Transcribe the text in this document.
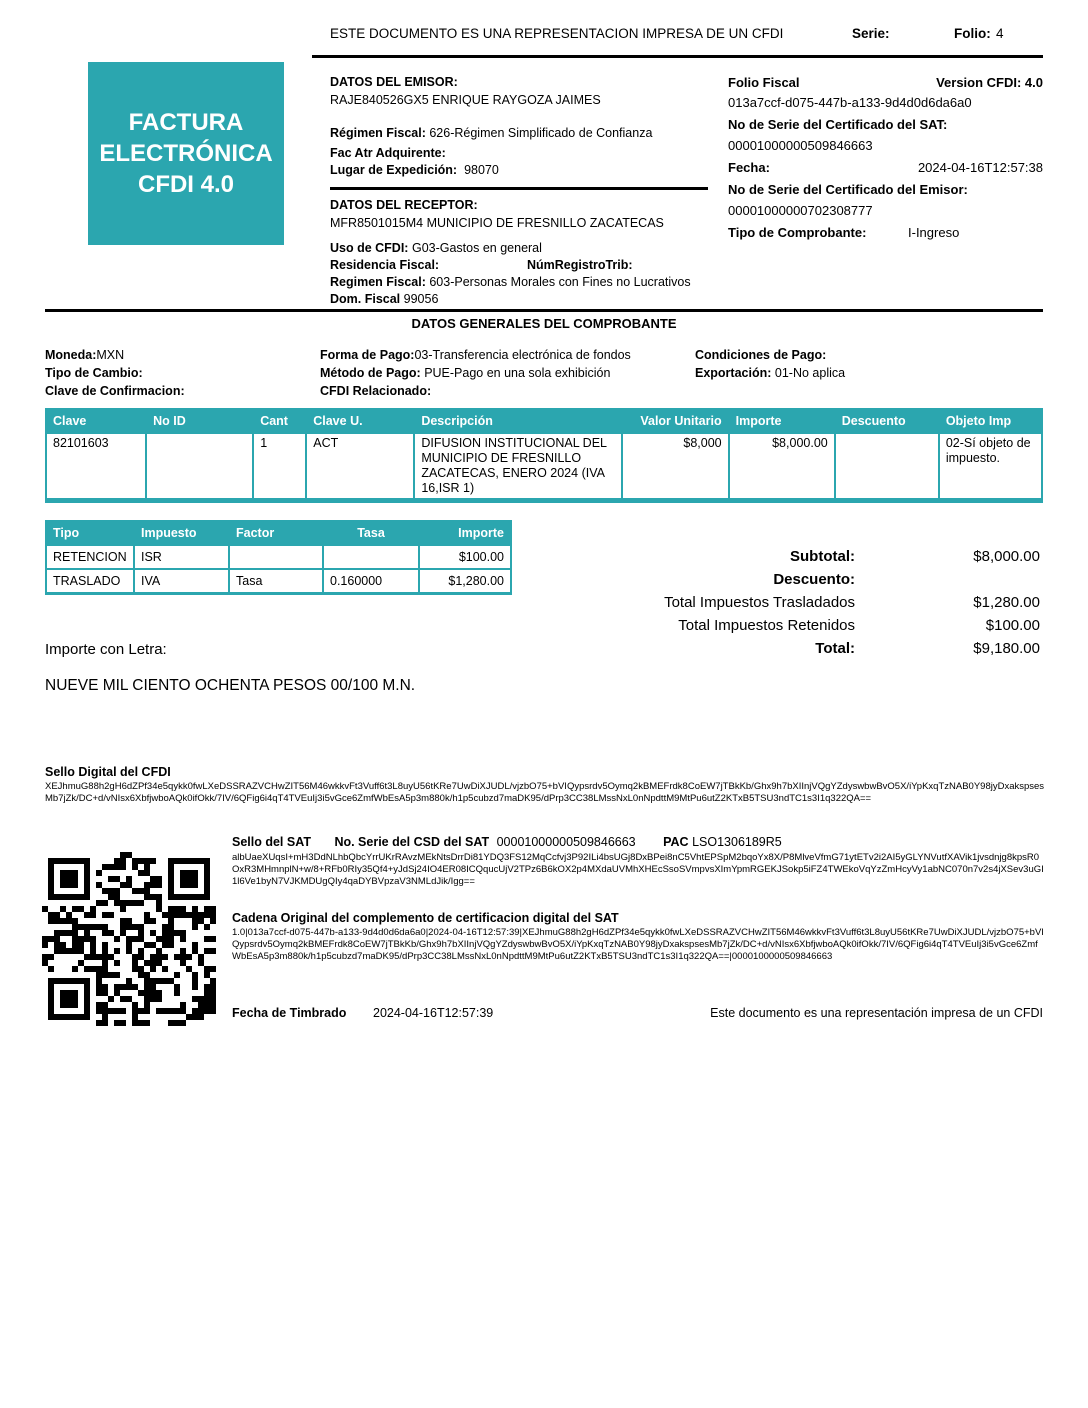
ESTE DOCUMENTO ES UNA REPRESENTACION IMPRESA DE UN CFDI	Serie:	Folio: 4
FACTURA
ELECTRÓNICA
CFDI 4.0
DATOS DEL EMISOR:
RAJE840526GX5 ENRIQUE RAYGOZA JAIMES
Régimen Fiscal: 626-Régimen Simplificado de Confianza
Fac Atr Adquirente:
Lugar de Expedición: 98070
DATOS DEL RECEPTOR:
MFR8501015M4 MUNICIPIO DE FRESNILLO ZACATECAS
Uso de CFDI: G03-Gastos en general
Residencia Fiscal:	NúmRegistroTrib:
Regimen Fiscal: 603-Personas Morales con Fines no Lucrativos
Dom. Fiscal 99056
Folio Fiscal	Version CFDI: 4.0
013a7ccf-d075-447b-a133-9d4d0d6da6a0
No de Serie del Certificado del SAT:
00001000000509846663
Fecha:	2024-04-16T12:57:38
No de Serie del Certificado del Emisor:
00001000000702308777
Tipo de Comprobante:	I-Ingreso
DATOS GENERALES DEL COMPROBANTE
Moneda:MXN
Tipo de Cambio:
Clave de Confirmacion:
Forma de Pago:03-Transferencia electrónica de fondos
Método de Pago: PUE-Pago en una sola exhibición
CFDI Relacionado:
Condiciones de Pago:
Exportación: 01-No aplica
Clave	No ID	Cant	Clave U.	Descripción	Valor Unitario	Importe	Descuento	Objeto Imp
82101603		1	ACT	DIFUSION INSTITUCIONAL DEL MUNICIPIO DE FRESNILLO ZACATECAS, ENERO 2024 (IVA 16,ISR 1)	$8,000	$8,000.00		02-Sí objeto de impuesto.
Tipo	Impuesto	Factor	Tasa	Importe
RETENCION	ISR			$100.00
TRASLADO	IVA	Tasa	0.160000	$1,280.00
Subtotal:	$8,000.00
Descuento:
Total Impuestos Trasladados	$1,280.00
Total Impuestos Retenidos	$100.00
Total:	$9,180.00
Importe con Letra:
NUEVE MIL CIENTO OCHENTA PESOS 00/100 M.N.
Sello Digital del CFDI
XEJhmuG88h2gH6dZPf34e5qykk0fwLXeDSSRAZVCHwZIT56M46wkkvFt3Vuff6t3L8uyU56tKRe7UwDiXJUDL/vjzbO75+bVIQypsrdv5Oymq2kBMEFrdk8CoEW7jTBkKb/Ghx9h7bXIInjVQgYZdyswbwBvO5X/iYpKxqTzNAB0Y98jyDxakspsesMb7jZk/DC+d/vNIsx6XbfjwboAQk0ifOkk/7IV/6QFig6i4qT4TVEuIj3i5vGce6ZmfWbEsA5p3m880k/h1p5cubzd7maDK95/dPrp3CC38LMssNxL0nNpdttM9MtPu6utZ2KTxB5TSU3ndTC1s3I1q322QA==
Sello del SAT No. Serie del CSD del SAT 00001000000509846663 PAC LSO1306189R5
albUaeXUqsI+mH3DdNLhbQbcYrrUKrRAvzMEkNtsDrrDi81YDQ3FS12MqCcfvj3P92ILi4bsUGj8DxBPei8nC5VhtEPSpM2bqoYx8X/P8MlveVfmG71ytETv2i2AI5yGLYNVutfXAVik1jvsdnjg8kpsR0OxR3MHmnplN+w/8+RFb0RIy35Qf4+yJdSj24IO4ER08ICQqucUjV2TPz6B6kOX2p4MXdaUVMhXHEcSsoSVmpvsXImYpmRGEKJSokp5iFZ4TWEkoVqYzZmHcyVy1abNC070n7v2s4jXSev3uGI1l6Ve1byN7VJKMDUgQIy4qaDYBVpzaV3NMLdJik/Igg==
Cadena Original del complemento de certificacion digital del SAT
1.0|013a7ccf-d075-447b-a133-9d4d0d6da6a0|2024-04-16T12:57:39|XEJhmuG88h2gH6dZPf34e5qykk0fwLXeDSSRAZVCHwZIT56M46wkkvFt3Vuff6t3L8uyU56tKRe7UwDiXJUDL/vjzbO75+bVIQypsrdv5Oymq2kBMEFrdk8CoEW7jTBkKb/Ghx9h7bXIInjVQgYZdyswbwBvO5X/iYpKxqTzNAB0Y98jyDxakspsesMb7jZk/DC+d/vNIsx6XbfjwboAQk0ifOkk/7IV/6QFig6i4qT4TVEuIj3i5vGce6ZmfWbEsA5p3m880k/h1p5cubzd7maDK95/dPrp3CC38LMssNxL0nNpdttM9MtPu6utZ2KTxB5TSU3ndTC1s3I1q322QA==|0000100000509846663
Fecha de Timbrado 2024-04-16T12:57:39	Este documento es una representación impresa de un CFDI
